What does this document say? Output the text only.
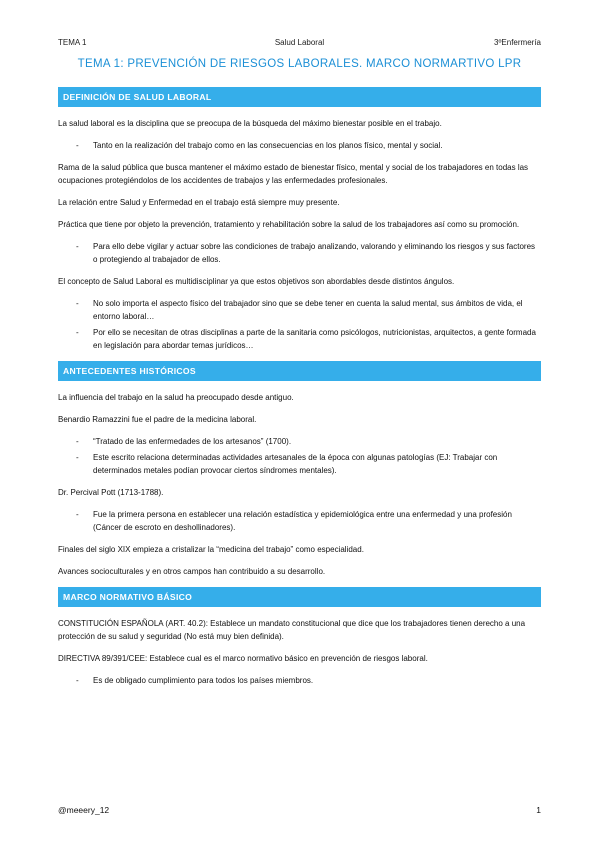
TEMA 1	Salud Laboral	3ºEnfermería
TEMA 1: PREVENCIÓN DE RIESGOS LABORALES. MARCO NORMARTIVO LPR
DEFINICIÓN DE SALUD LABORAL

La salud laboral es la disciplina que se preocupa de la búsqueda del máximo bienestar posible en el trabajo.

- Tanto en la realización del trabajo como en las consecuencias en los planos físico, mental y social.

Rama de la salud pública que busca mantener el máximo estado de bienestar físico, mental y social de los trabajadores en todas las ocupaciones protegiéndolos de los accidentes de trabajos y las enfermedades profesionales.

La relación entre Salud y Enfermedad en el trabajo está siempre muy presente.

Práctica que tiene por objeto la prevención, tratamiento y rehabilitación sobre la salud de los trabajadores así como su promoción.

- Para ello debe vigilar y actuar sobre las condiciones de trabajo analizando, valorando y eliminando los riesgos y sus factores o protegiendo al trabajador de ellos.

El concepto de Salud Laboral es multidisciplinar ya que estos objetivos son abordables desde distintos ángulos.

- No solo importa el aspecto físico del trabajador sino que se debe tener en cuenta la salud mental, sus ámbitos de vida, el entorno laboral…
- Por ello se necesitan de otras disciplinas a parte de la sanitaria como psicólogos, nutricionistas, arquitectos, a gente formada en legislación para abordar temas jurídicos…
ANTECEDENTES HISTÓRICOS

La influencia del trabajo en la salud ha preocupado desde antiguo.

Benardio Ramazzini fue el padre de la medicina laboral.

- “Tratado de las enfermedades de los artesanos” (1700).
- Este escrito relaciona determinadas actividades artesanales de la época con algunas patologías (EJ: Trabajar con determinados metales podían provocar ciertos síndromes mentales).

Dr. Percival Pott (1713-1788).

- Fue la primera persona en establecer una relación estadística y epidemiológica entre una enfermedad y una profesión (Cáncer de escroto en deshollinadores).

Finales del siglo XIX empieza a cristalizar la “medicina del trabajo” como especialidad.

Avances socioculturales y en otros campos han contribuido a su desarrollo.

MARCO NORMATIVO BÁSICO

CONSTITUCIÓN ESPAÑOLA (ART. 40.2): Establece un mandato constitucional que dice que los trabajadores tienen derecho a una protección de su salud y seguridad (No está muy bien definida).

DIRECTIVA 89/391/CEE: Establece cual es el marco normativo básico en prevención de riesgos laboral.

- Es de obligado cumplimiento para todos los países miembros.
@meeery_12	1
